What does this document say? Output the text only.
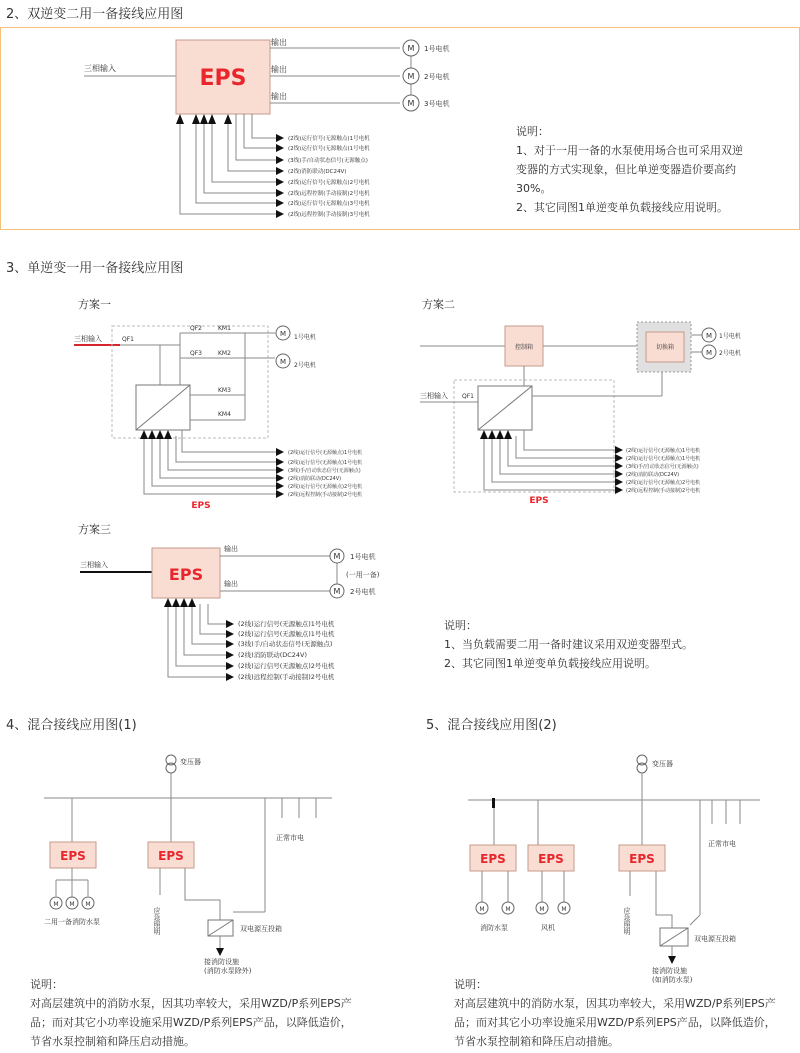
2、双逆变二用一备接线应用图
EPS
三相输入
输出
输出
输出
M
M
M
1号电机
2号电机
3号电机
(2线)运行信号(无源触点)1号电机
(2线)运行信号(无源触点)1号电机
(3线)手/自动状态信号(无源触点)
(2线)消防联动(DC24V)
(2线)运行信号(无源触点)2号电机
(2线)远程控制(手动接制)2号电机
(2线)运行信号(无源触点)3号电机
(2线)远程控制(手动接制)3号电机
方案一
三相输入	QF1
QF2
QF3
KM1
KM2
KM3
KM4
M
M
1号电机
2号电机
EPS
(2线)运行信号(无源触点)1号电机
(2线)运行信号(无源触点)1号电机
(3线)手/自动状态信号(无源触点)
(2线)消防联动(DC24V)
(2线)运行信号(无源触点)2号电机
(2线)远程控制(手动接制)2号电机
方案二
控制箱	切换箱
三相输入 QF1
M
M
1号电机
2号电机
EPS
(2线)运行信号(无源触点)1号电机
(2线)运行信号(无源触点)1号电机
(3线)手/自动状态信号(无源触点)
(2线)消防联动(DC24V)
(2线)运行信号(无源触点)2号电机
(2线)远程控制(手动接制)2号电机
方案三
三相输入	EPS
输出
输出
M
M
1号电机
(一用一备)
2号电机
(2线)运行信号(无源触点)1号电机
(2线)运行信号(无源触点)1号电机
(3线)手/自动状态信号(无源触点)
(2线)消防联动(DC24V)
(2线)运行信号(无源触点)2号电机
(2线)远程控制(手动接制)2号电机
变压器
EPS	EPS
M M M
二用一备消防水泵	应急照明
正常市电
双电源互投箱
接消防设施
(消防水泵除外)
变压器
EPS	EPS	EPS
M	M	M	M
消防水泵	风机	应急照明
正常市电
双电源互投箱
接消防设施
(如消防水泵)

说明：

1、对于一用一备的水泵使用场合也可采用双逆变器的方式实现象，但比单逆变器造价要高约30%。

2、其它同图1单逆变单负载接线应用说明。

3、单逆变一用一备接线应用图

说明：

1、当负载需要二用一备时建议采用双逆变器型式。

2、其它同图1单逆变单负载接线应用说明。

4、混合接线应用图(1)

说明：

对高层建筑中的消防水泵，因其功率较大，采用WZD/P系列EPS产品；而对其它小功率设施采用WZD/P系列EPS产品，以降低造价，节省水泵控制箱和降压启动措施。

5、混合接线应用图(2)

说明：

对高层建筑中的消防水泵，因其功率较大，采用WZD/P系列EPS产品；而对其它小功率设施采用WZD/P系列EPS产品，以降低造价，节省水泵控制箱和降压启动措施。
